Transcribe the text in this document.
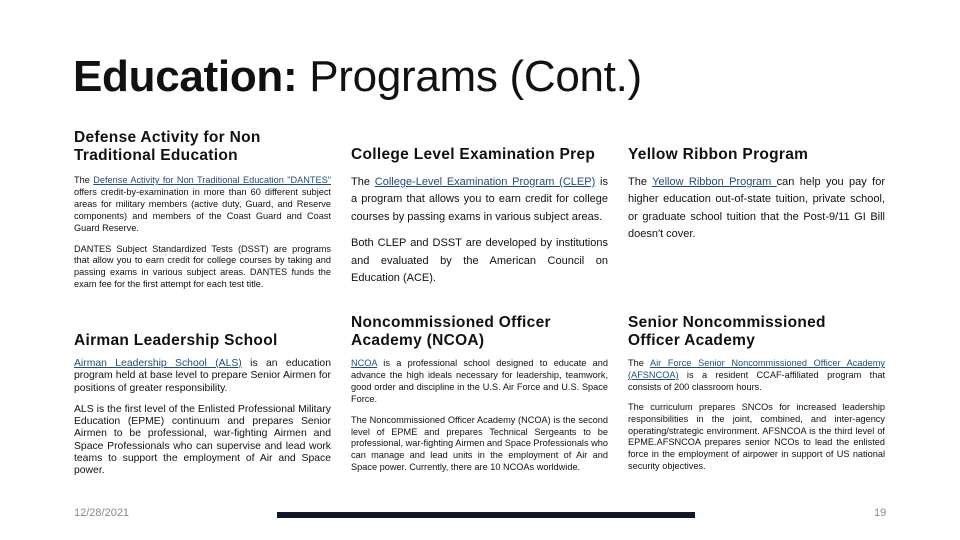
Education: Programs (Cont.)
Defense Activity for Non Traditional Education

The Defense Activity for Non Traditional Education "DANTES" offers credit-by-examination in more than 60 different subject areas for military members (active duty, Guard, and Reserve components) and members of the Coast Guard and Coast Guard Reserve.

DANTES Subject Standardized Tests (DSST) are programs that allow you to earn credit for college courses by taking and passing exams in various subject areas. DANTES funds the exam fee for the first attempt for each test title.

Airman Leadership School

Airman Leadership School (ALS) is an education program held at base level to prepare Senior Airmen for positions of greater responsibility.

ALS is the first level of the Enlisted Professional Military Education (EPME) continuum and prepares Senior Airmen to be professional, war-fighting Airmen and Space Professionals who can supervise and lead work teams to support the employment of Air and Space power.

College Level Examination Prep

The College-Level Examination Program (CLEP) is a program that allows you to earn credit for college courses by passing exams in various subject areas.

Both CLEP and DSST are developed by institutions and evaluated by the American Council on Education (ACE).

Noncommissioned Officer Academy (NCOA)

NCOA is a professional school designed to educate and advance the high ideals necessary for leadership, teamwork, good order and discipline in the U.S. Air Force and U.S. Space Force.

The Noncommissioned Officer Academy (NCOA) is the second level of EPME and prepares Technical Sergeants to be professional, war-fighting Airmen and Space Professionals who can manage and lead units in the employment of Air and Space power. Currently, there are 10 NCOAs worldwide.

Yellow Ribbon Program

The Yellow Ribbon Program can help you pay for higher education out-of-state tuition, private school, or graduate school tuition that the Post-9/11 GI Bill doesn't cover.

Senior Noncommissioned Officer Academy

The Air Force Senior Noncommissioned Officer Academy (AFSNCOA) is a resident CCAF-affiliated program that consists of 200 classroom hours.

The curriculum prepares SNCOs for increased leadership responsibilities in the joint, combined, and inter-agency operating/strategic environment. AFSNCOA is the third level of EPME.AFSNCOA prepares senior NCOs to lead the enlisted force in the employment of airpower in support of US national security objectives.

12/28/2021	19
